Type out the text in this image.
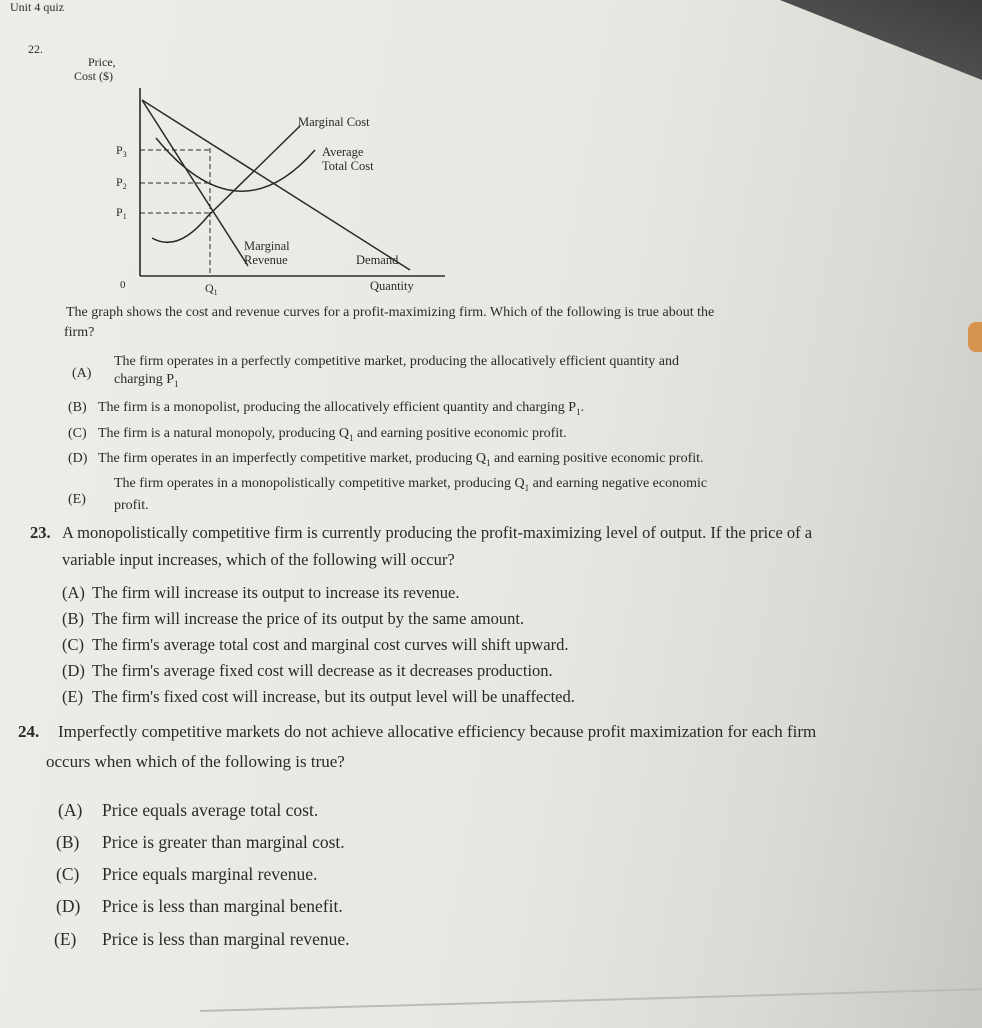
Unit 4 quiz
22.
Price,
Cost ($)
Marginal Cost
Average
Total Cost
Marginal
Revenue	Demand
Quantity
0	$Q_1$
$P_3$
$P_2$
$P_1$
The graph shows the cost and revenue curves for a profit-maximizing firm. Which of the following is true about the
firm?
(A)
The firm operates in a perfectly competitive market, producing the allocatively efficient quantity and
charging $P_1$
(B) The firm is a monopolist, producing the allocatively efficient quantity and charging $P_1$.
(C) The firm is a natural monopoly, producing $Q_1$ and earning positive economic profit.
(D) The firm operates in an imperfectly competitive market, producing $Q_1$ and earning positive economic profit.
(E)
The firm operates in a monopolistically competitive market, producing $Q_1$ and earning negative economic
profit.
23. A monopolistically competitive firm is currently producing the profit-maximizing level of output. If the price of a
variable input increases, which of the following will occur?
(A) The firm will increase its output to increase its revenue.
(B) The firm will increase the price of its output by the same amount.
(C) The firm's average total cost and marginal cost curves will shift upward.
(D) The firm's average fixed cost will decrease as it decreases production.
(E) The firm's fixed cost will increase, but its output level will be unaffected.
24. Imperfectly competitive markets do not achieve allocative efficiency because profit maximization for each firm
occurs when which of the following is true?
(A) Price equals average total cost.
(B) Price is greater than marginal cost.
(C) Price equals marginal revenue.
(D) Price is less than marginal benefit.
(E) Price is less than marginal revenue.
